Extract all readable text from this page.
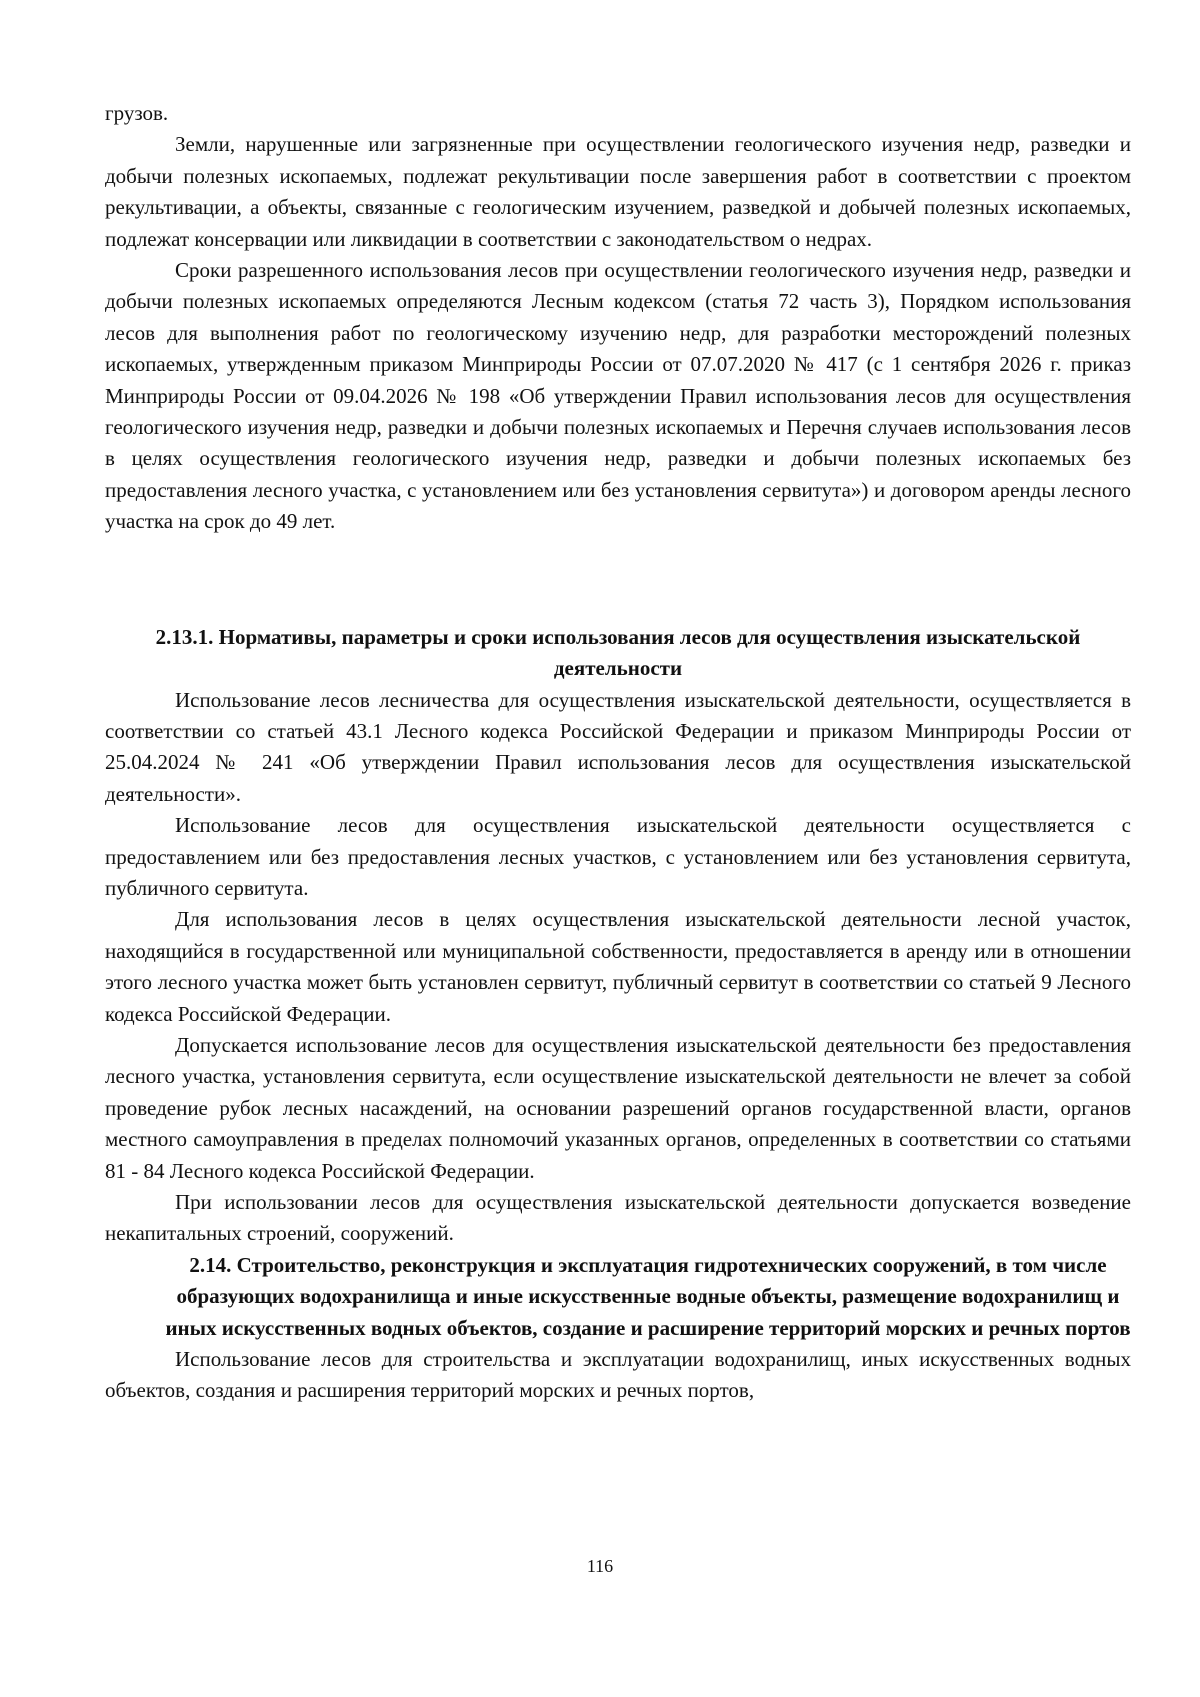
грузов.

Земли, нарушенные или загрязненные при осуществлении геологического изучения недр, разведки и добычи полезных ископаемых, подлежат рекультивации после завершения работ в соответствии с проектом рекультивации, а объекты, связанные с геологическим изучением, разведкой и добычей полезных ископаемых, подлежат консервации или ликвидации в соответствии с законодательством о недрах.

Сроки разрешенного использования лесов при осуществлении геологического изучения недр, разведки и добычи полезных ископаемых определяются Лесным кодексом (статья 72 часть 3), Порядком использования лесов для выполнения работ по геологическому изучению недр, для разработки месторождений полезных ископаемых, утвержденным приказом Минприроды России от 07.07.2020 № 417 (с 1 сентября 2026 г. приказ Минприроды России от 09.04.2026 № 198 «Об утверждении Правил использования лесов для осуществления геологического изучения недр, разведки и добычи полезных ископаемых и Перечня случаев использования лесов в целях осуществления геологического изучения недр, разведки и добычи полезных ископаемых без предоставления лесного участка, с установлением или без установления сервитута») и договором аренды лесного участка на срок до 49 лет.

2.13.1. Нормативы, параметры и сроки использования лесов для осуществления изыскательской деятельности

Использование лесов лесничества для осуществления изыскательской деятельности, осуществляется в соответствии со статьей 43.1 Лесного кодекса Российской Федерации и приказом Минприроды России от 25.04.2024 № 241 «Об утверждении Правил использования лесов для осуществления изыскательской деятельности».

Использование лесов для осуществления изыскательской деятельности осуществляется с предоставлением или без предоставления лесных участков, с установлением или без установления сервитута, публичного сервитута.

Для использования лесов в целях осуществления изыскательской деятельности лесной участок, находящийся в государственной или муниципальной собственности, предоставляется в аренду или в отношении этого лесного участка может быть установлен сервитут, публичный сервитут в соответствии со статьей 9 Лесного кодекса Российской Федерации.

Допускается использование лесов для осуществления изыскательской деятельности без предоставления лесного участка, установления сервитута, если осуществление изыскательской деятельности не влечет за собой проведение рубок лесных насаждений, на основании разрешений органов государственной власти, органов местного самоуправления в пределах полномочий указанных органов, определенных в соответствии со статьями 81 - 84 Лесного кодекса Российской Федерации.

При использовании лесов для осуществления изыскательской деятельности допускается возведение некапитальных строений, сооружений.

2.14. Строительство, реконструкция и эксплуатация гидротехнических сооружений, в том числе образующих водохранилища и иные искусственные водные объекты, размещение водохранилищ и иных искусственных водных объектов, создание и расширение территорий морских и речных портов

Использование лесов для строительства и эксплуатации водохранилищ, иных искусственных водных объектов, создания и расширения территорий морских и речных портов,

116
